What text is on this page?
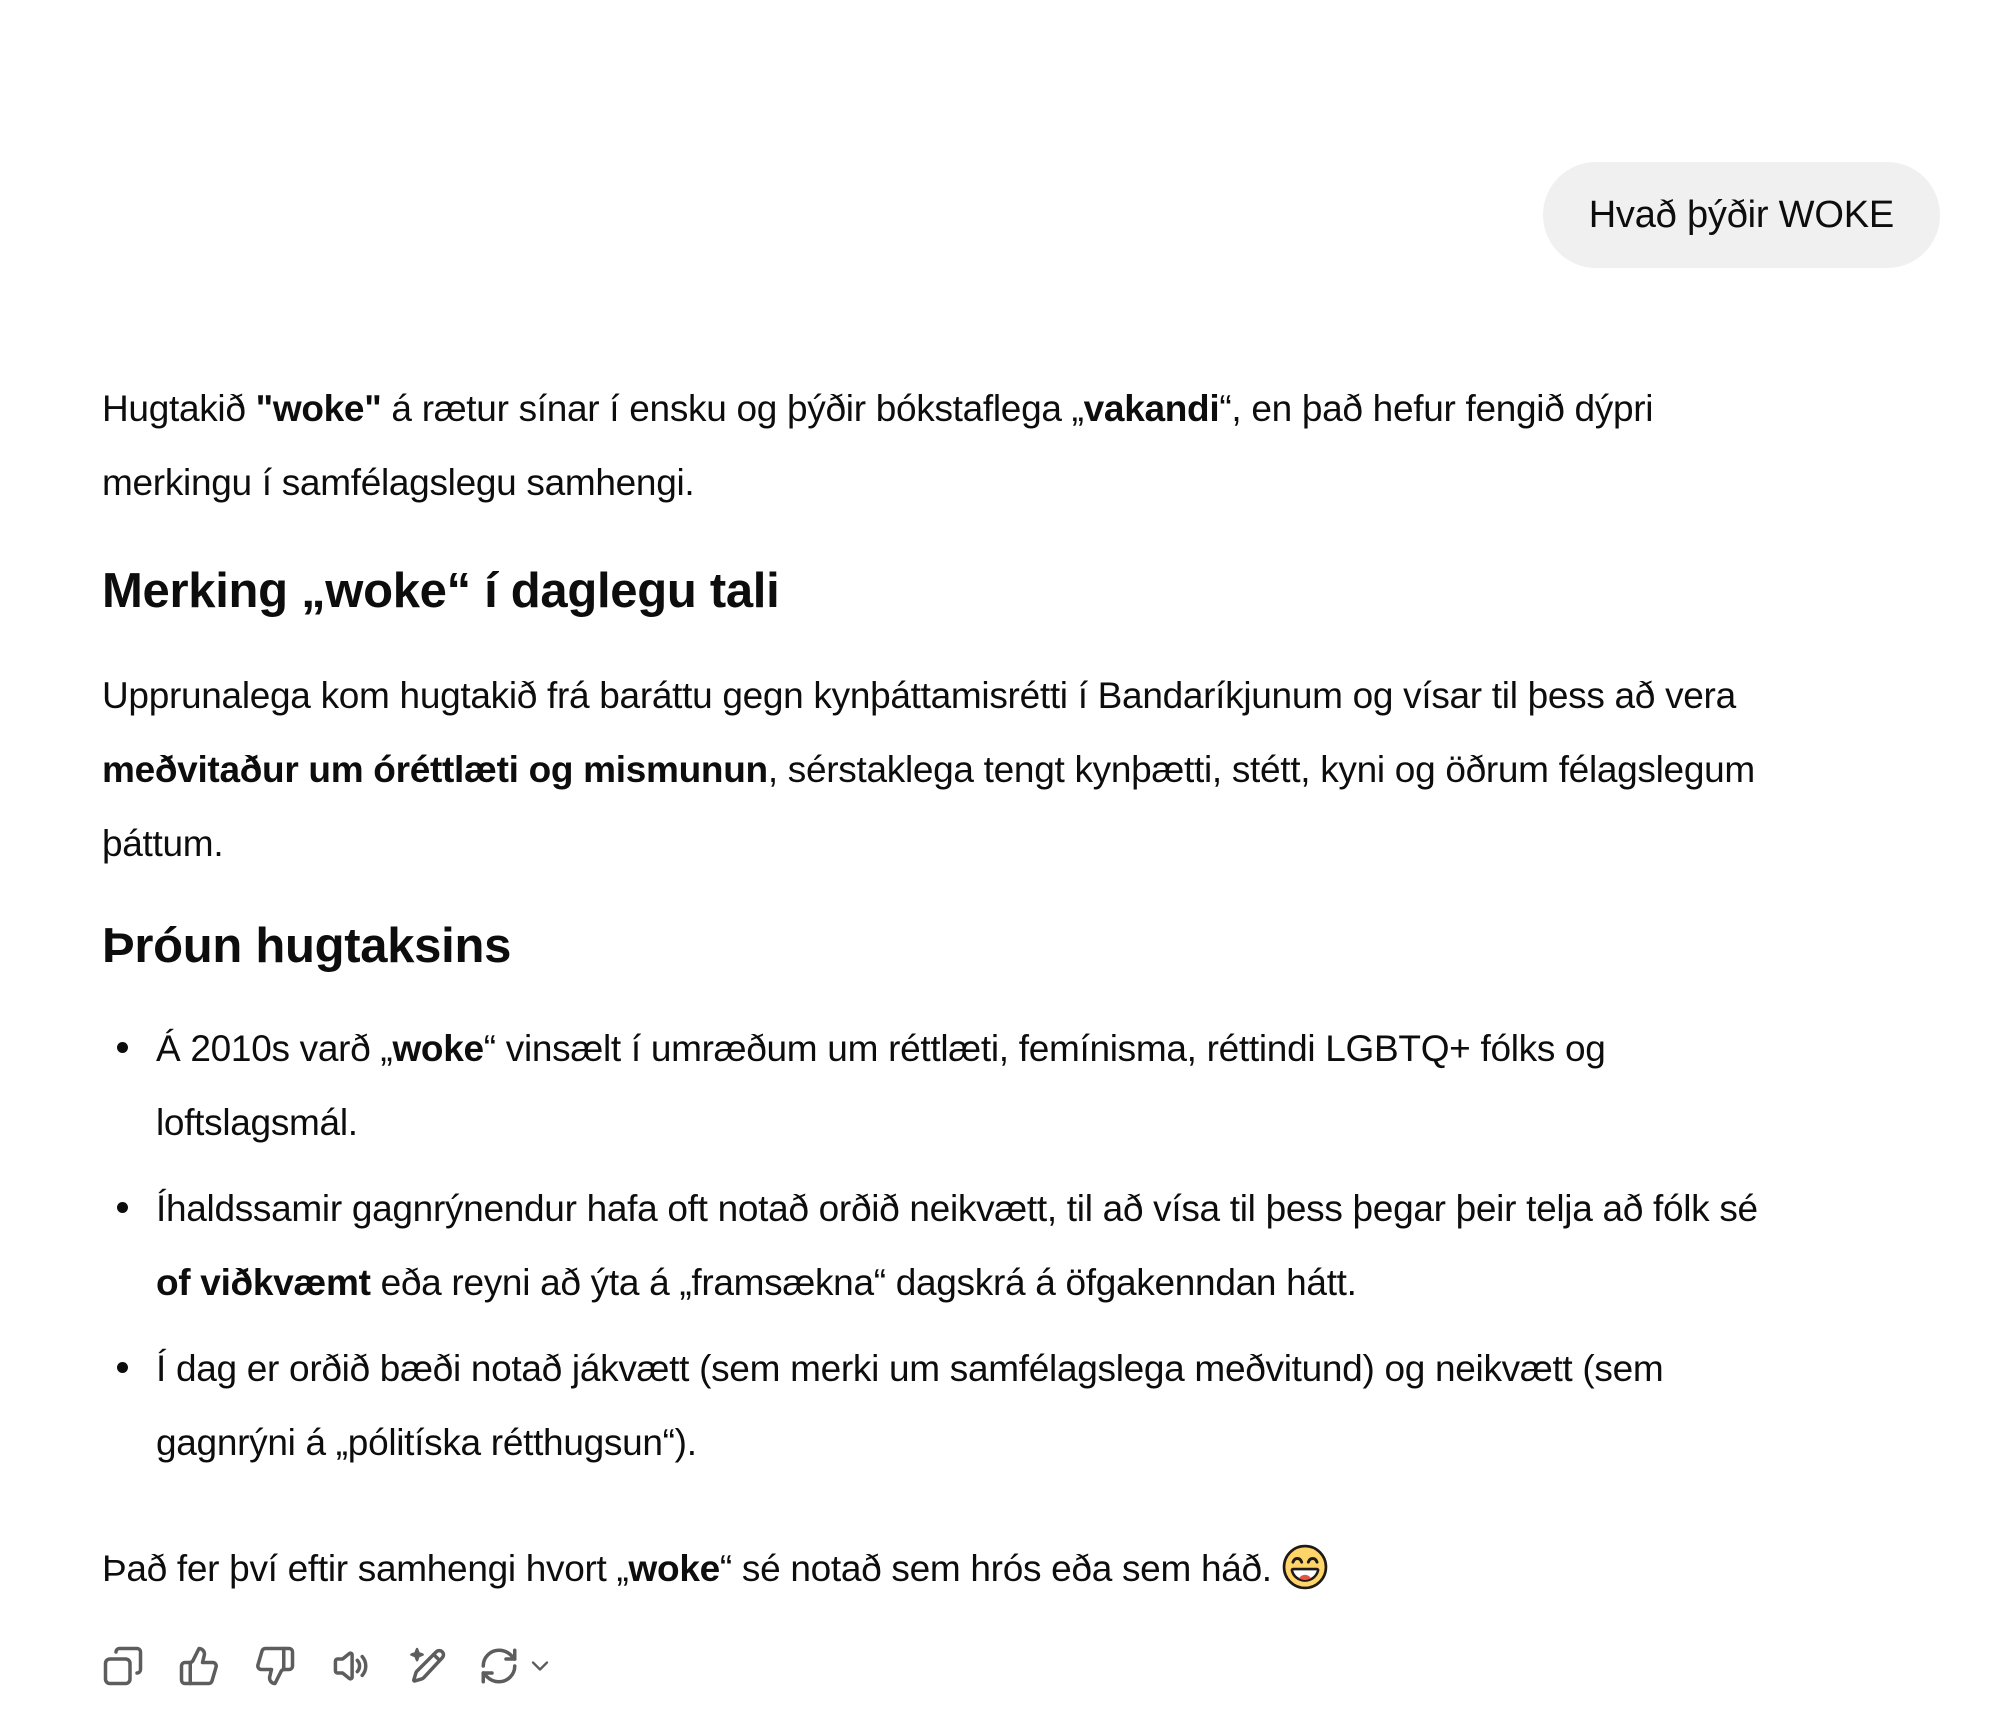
Hvað þýðir WOKE
Hugtakið "woke" á rætur sínar í ensku og þýðir bókstaflega „vakandi“, en það hefur fengið dýpri
merkingu í samfélagslegu samhengi.
Merking „woke“ í daglegu tali
Upprunalega kom hugtakið frá baráttu gegn kynþáttamisrétti í Bandaríkjunum og vísar til þess að vera
meðvitaður um óréttlæti og mismunun, sérstaklega tengt kynþætti, stétt, kyni og öðrum félagslegum
þáttum.
Þróun hugtaksins
Á 2010s varð „woke“ vinsælt í umræðum um réttlæti, femínisma, réttindi LGBTQ+ fólks og
loftslagsmál.
Íhaldssamir gagnrýnendur hafa oft notað orðið neikvætt, til að vísa til þess þegar þeir telja að fólk sé
of viðkvæmt eða reyni að ýta á „framsækna“ dagskrá á öfgakenndan hátt.
Í dag er orðið bæði notað jákvætt (sem merki um samfélagslega meðvitund) og neikvætt (sem
gagnrýni á „pólitíska rétthugsun“).
Það fer því eftir samhengi hvort „woke“ sé notað sem hrós eða sem háð.
